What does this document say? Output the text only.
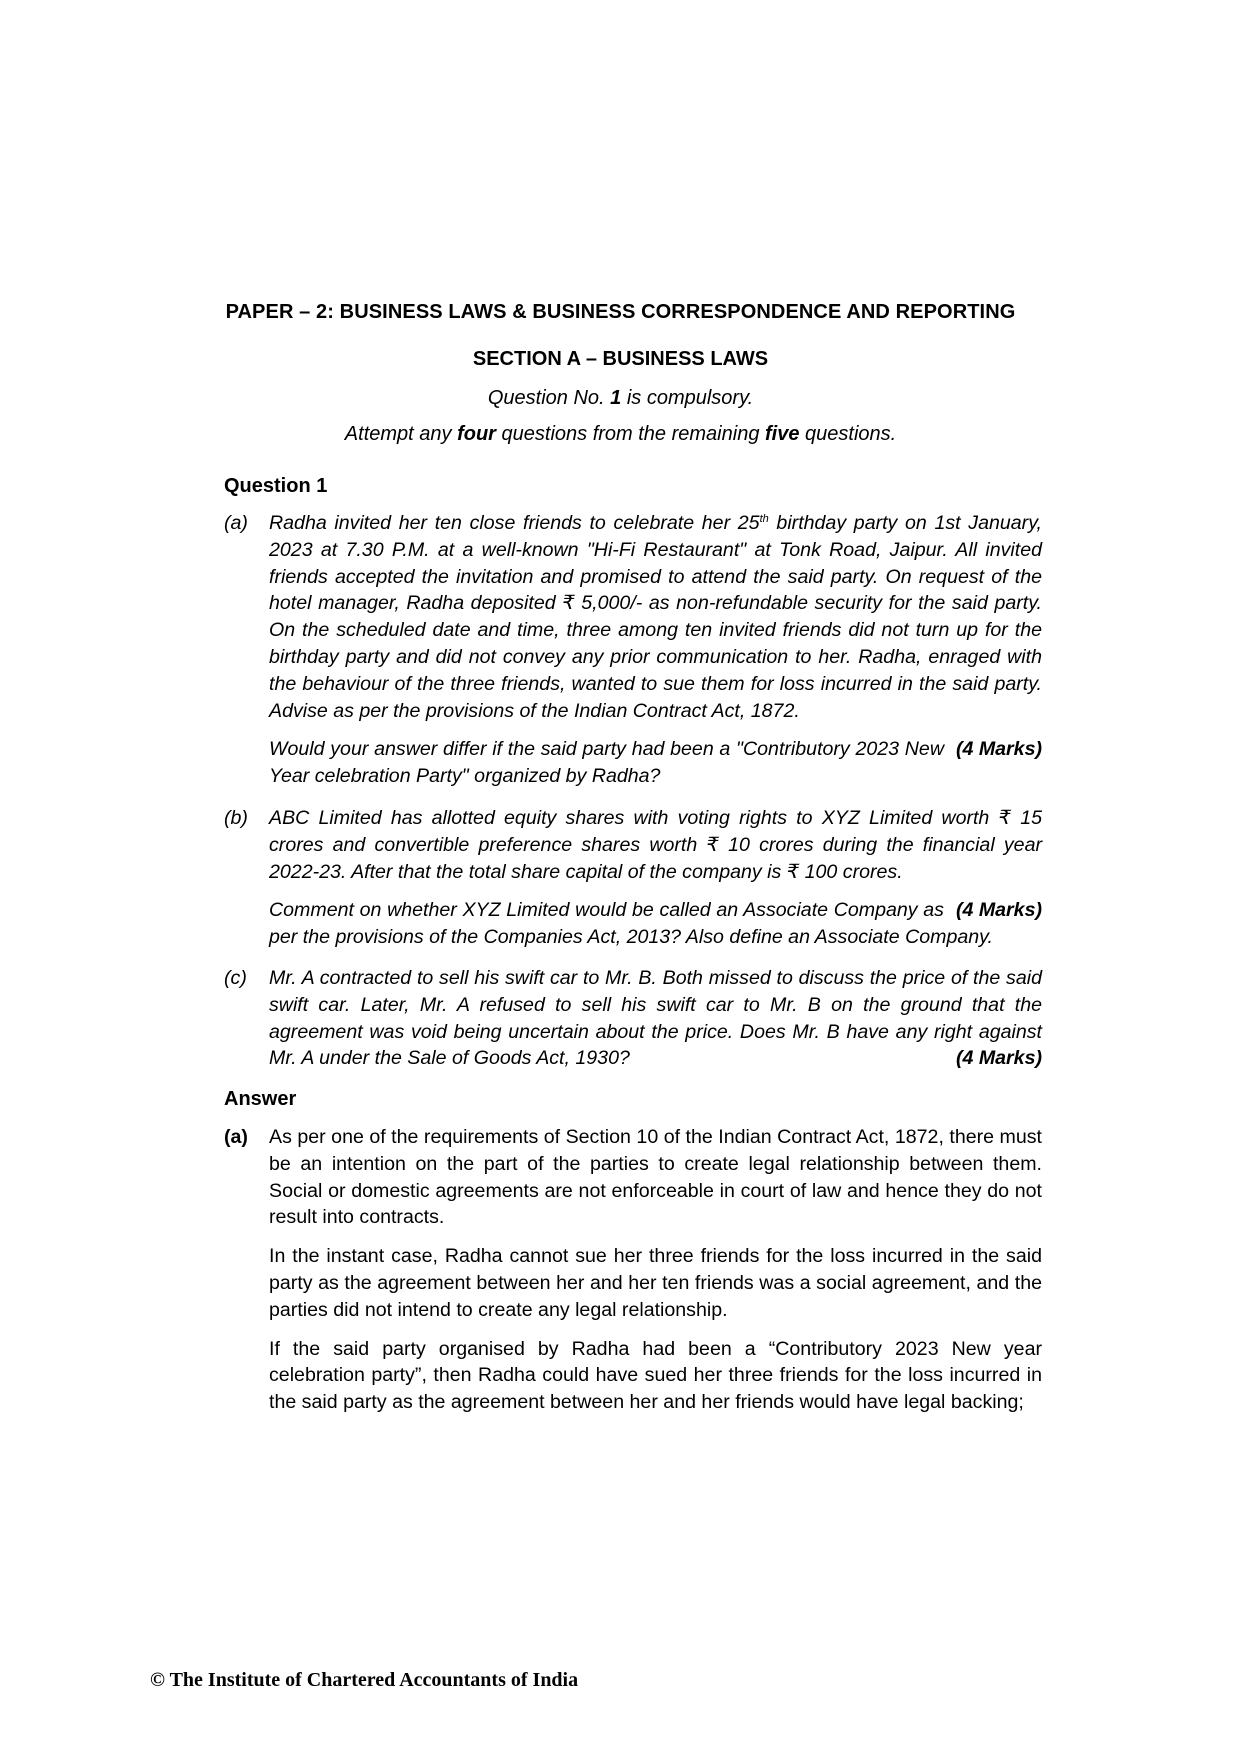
PAPER – 2: BUSINESS LAWS & BUSINESS CORRESPONDENCE AND REPORTING
SECTION A – BUSINESS LAWS
Question No. 1 is compulsory.
Attempt any four questions from the remaining five questions.
Question 1
(a)	Radha invited her ten close friends to celebrate her 25th birthday party on 1st January, 2023 at 7.30 P.M. at a well-known "Hi-Fi Restaurant" at Tonk Road, Jaipur. All invited friends accepted the invitation and promised to attend the said party. On request of the hotel manager, Radha deposited ₹ 5,000/- as non-refundable security for the said party. On the scheduled date and time, three among ten invited friends did not turn up for the birthday party and did not convey any prior communication to her. Radha, enraged with the behaviour of the three friends, wanted to sue them for loss incurred in the said party. Advise as per the provisions of the Indian Contract Act, 1872.

(4 Marks)
Would your answer differ if the said party had been a "Contributory 2023 New Year celebration Party" organized by Radha?

(b)	ABC Limited has allotted equity shares with voting rights to XYZ Limited worth ₹ 15 crores and convertible preference shares worth ₹ 10 crores during the financial year 2022-23. After that the total share capital of the company is ₹ 100 crores.

(4 Marks)
Comment on whether XYZ Limited would be called an Associate Company as per the provisions of the Companies Act, 2013? Also define an Associate Company.

(c)	Mr. A contracted to sell his swift car to Mr. B. Both missed to discuss the price of the said swift car. Later, Mr. A refused to sell his swift car to Mr. B on the ground that the agreement was void being uncertain about the price. Does Mr. B have any right against Mr. A under the Sale of Goods Act, 1930?	(4 Marks)

Answer
(a)	As per one of the requirements of Section 10 of the Indian Contract Act, 1872, there must be an intention on the part of the parties to create legal relationship between them. Social or domestic agreements are not enforceable in court of law and hence they do not result into contracts.

In the instant case, Radha cannot sue her three friends for the loss incurred in the said party as the agreement between her and her ten friends was a social agreement, and the parties did not intend to create any legal relationship.

If the said party organised by Radha had been a “Contributory 2023 New year celebration party”, then Radha could have sued her three friends for the loss incurred in the said party as the agreement between her and her friends would have legal backing;

© The Institute of Chartered Accountants of India
